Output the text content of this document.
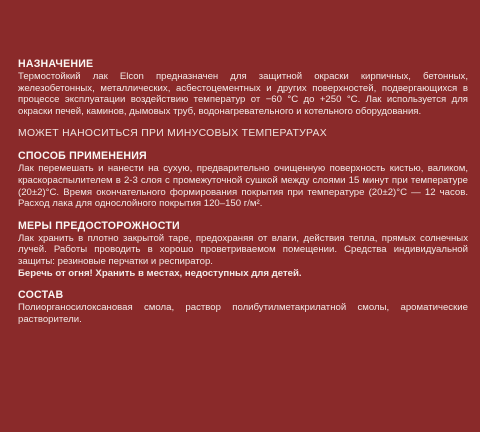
НАЗНАЧЕНИЕ

Термостойкий лак Elcon предназначен для защитной окраски кирпичных, бетонных, железобетонных, металлических, асбестоцементных и других поверхностей, подвергающихся в процессе эксплуатации воздействию температур от −60 °C до +250 °C. Лак используется для окраски печей, каминов, дымовых труб, водонагревательного и котельного оборудования.

МОЖЕТ НАНОСИТЬСЯ ПРИ МИНУСОВЫХ ТЕМПЕРАТУРАХ

СПОСОБ ПРИМЕНЕНИЯ

Лак перемешать и нанести на сухую, предварительно очищенную поверхность кистью, валиком, краскораспылителем в 2-3 слоя с промежуточной сушкой между слоями 15 минут при температуре (20±2)°C. Время окончательного формирования покрытия при температуре (20±2)°C — 12 часов. Расход лака для однослойного покрытия 120–150 г/м².

МЕРЫ ПРЕДОСТОРОЖНОСТИ

Лак хранить в плотно закрытой таре, предохраняя от влаги, действия тепла, прямых солнечных лучей. Работы проводить в хорошо проветриваемом помещении. Средства индивидуальной защиты: резиновые перчатки и респиратор.

Беречь от огня! Хранить в местах, недоступных для детей.

СОСТАВ

Полиорганосилоксановая смола, раствор полибутилметакрилатной смолы, ароматические растворители.
